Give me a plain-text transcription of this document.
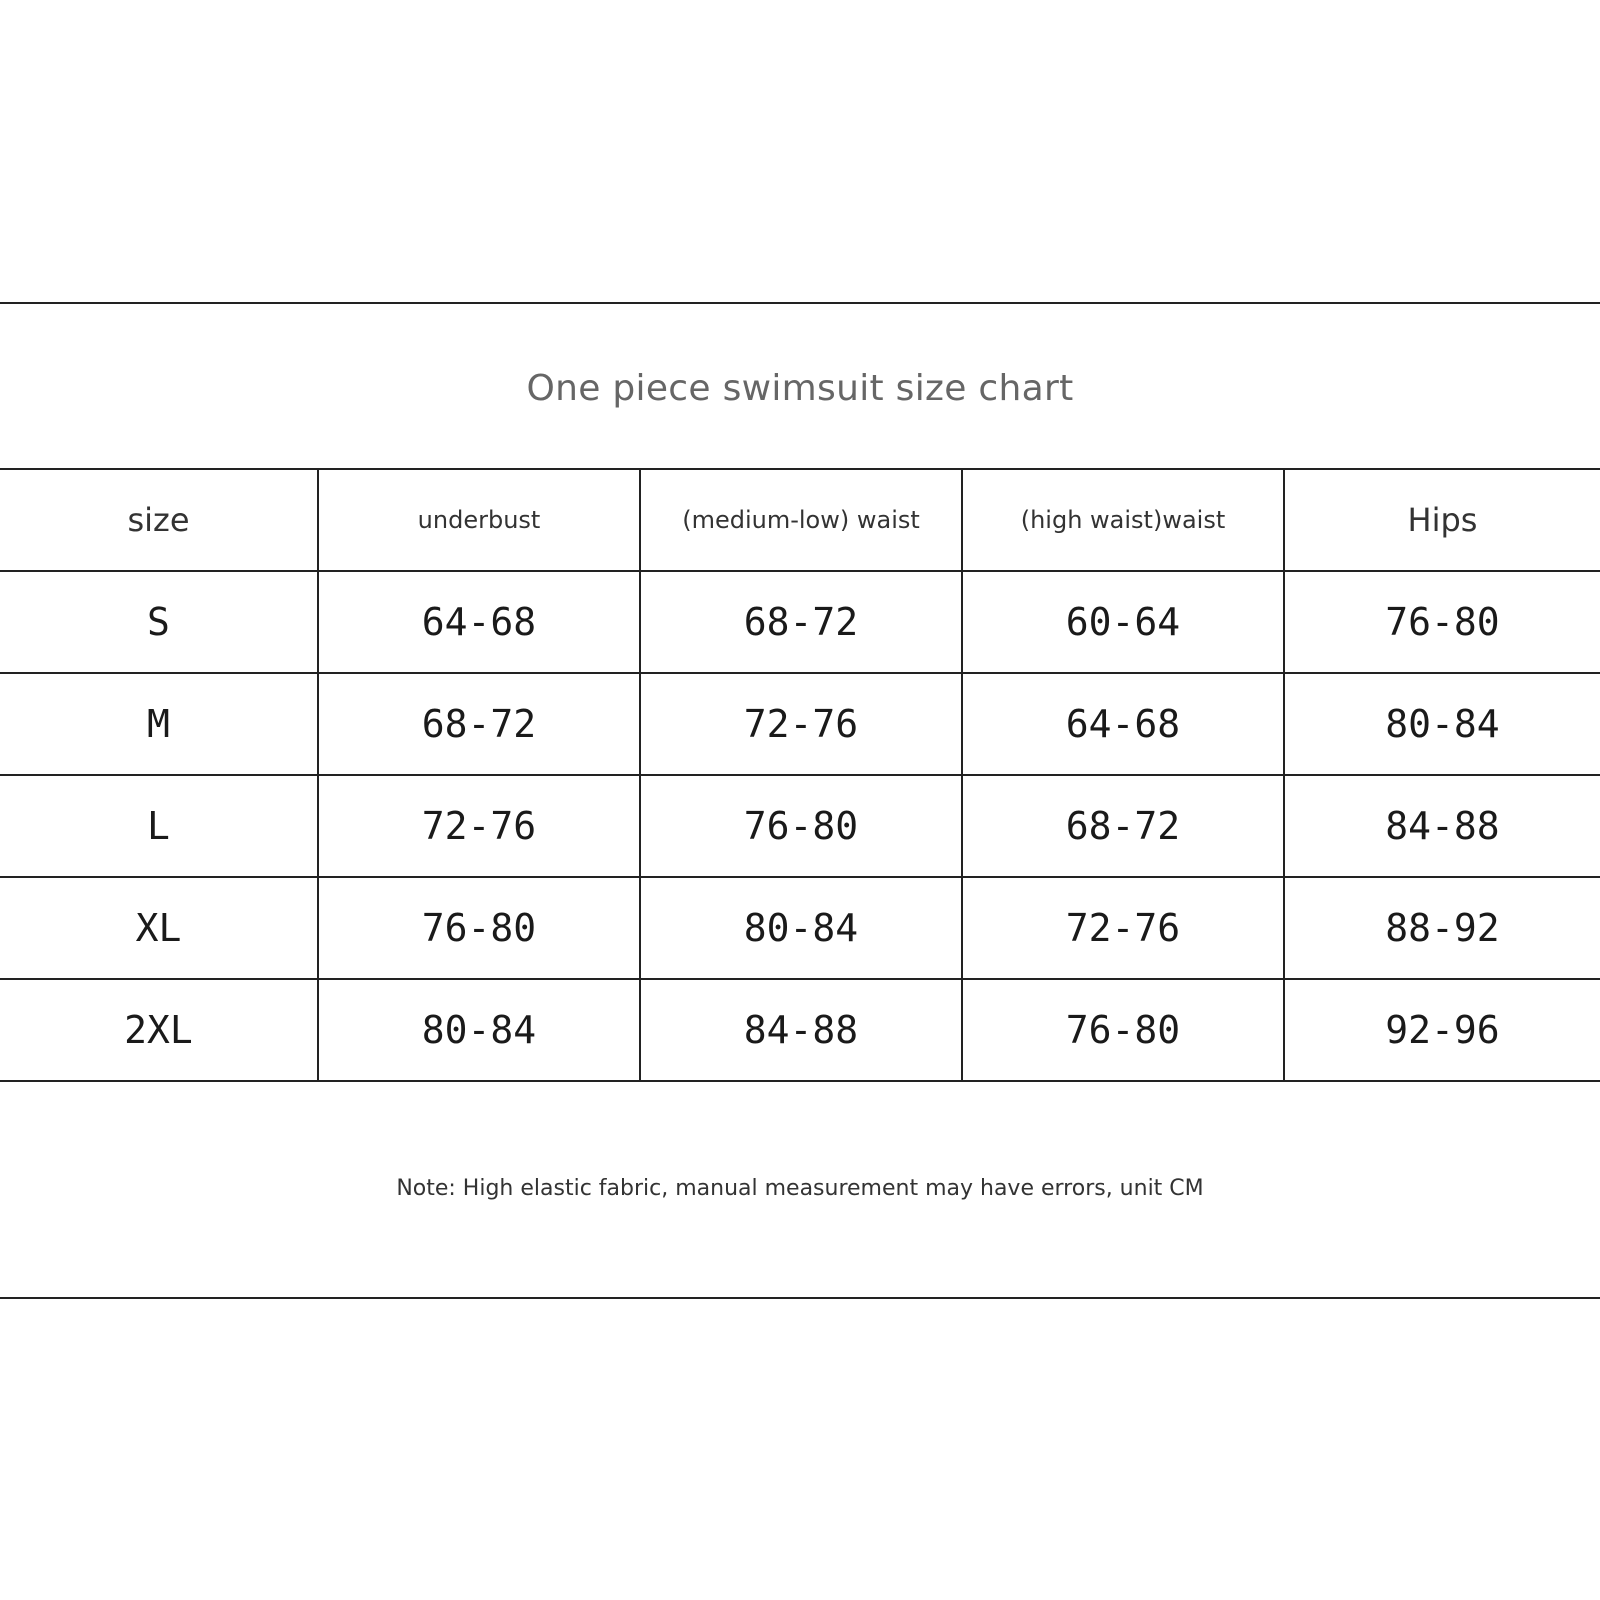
One piece swimsuit size chart
size	underbust	(medium-low) waist	(high waist)waist	Hips
S	64-68	68-72	60-64	76-80
M	68-72	72-76	64-68	80-84
L	72-76	76-80	68-72	84-88
XL	76-80	80-84	72-76	88-92
2XL	80-84	84-88	76-80	92-96
Note: High elastic fabric, manual measurement may have errors, unit CM
